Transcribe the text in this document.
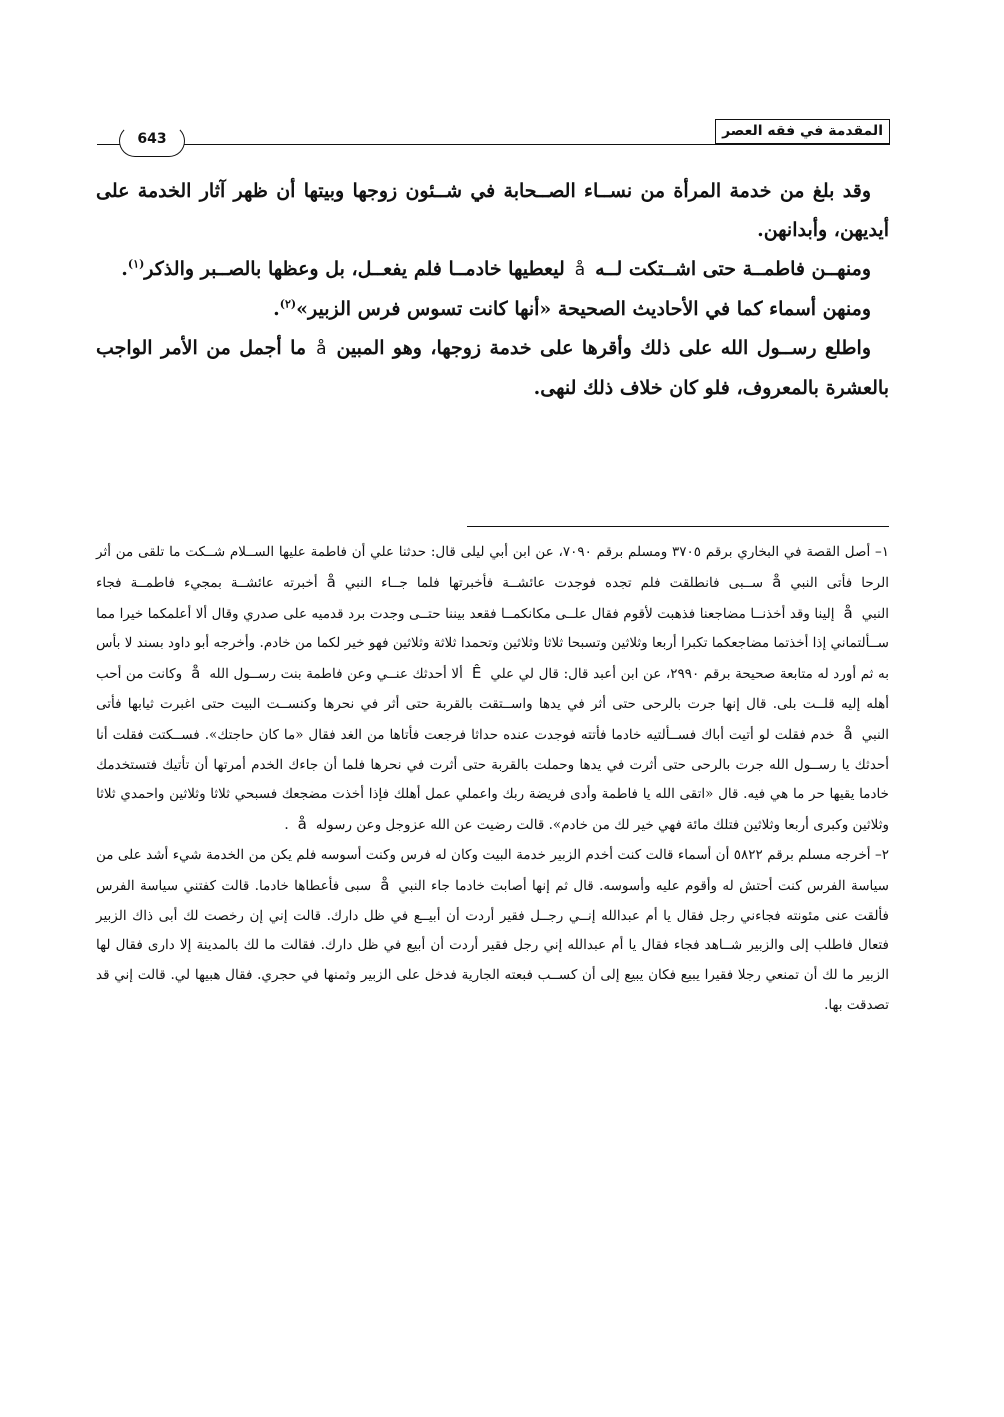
المقدمة في فقه العصر
643

وقد بلغ من خدمة المرأة من نســاء الصــحابة في شــئون زوجها وبيتها أن ظهر آثار الخدمة على أيديهن، وأبدانهن.

ومنهــن فاطمــة حتى اشــتكت لــهåليعطيها خادمــا فلم يفعــل، بل وعظها بالصــبر والذكر$^{(١)}$.

ومنهن أسماء كما في الأحاديث الصحيحة «أنها كانت تسوس فرس الزبير»$^{(٢)}$.

واطلع رســول الله على ذلك وأقرها على خدمة زوجها، وهو المبينåما أجمل من الأمر الواجب بالعشرة بالمعروف، فلو كان خلاف ذلك لنهى.

١– أصل القصة في البخاري برقم ٣٧٠٥ ومسلم برقم ٧٠٩٠، عن ابن أبي ليلى قال: حدثنا علي أن فاطمة عليها الســلام شــكت ما تلقى من أثر الرحا فأتى النبيåســبى فانطلقت فلم تجده فوجدت عائشــة فأخبرتها فلما جــاء النبيåأخبرته عائشــة بمجيء فاطمــة فجاء النبيåإلينا وقد أخذنــا مضاجعنا فذهبت لأقوم فقال علــى مكانكمــا فقعد بيننا حتــى وجدت برد قدميه على صدري وقال ألا أعلمكما خيرا مما ســألتماني إذا أخذتما مضاجعكما تكبرا أربعا وثلاثين وتسبحا ثلاثا وثلاثين وتحمدا ثلاثة وثلاثين فهو خير لكما من خادم. وأخرجه أبو داود بسند لا بأس به ثم أورد له متابعة صحيحة برقم ٢٩٩٠، عن ابن أعبد قال: قال لي عليÊألا أحدثك عنــي وعن فاطمة بنت رســول اللهåوكانت من أحب أهله إليه قلــت بلى. قال إنها جرت بالرحى حتى أثر في يدها واســتقت بالقربة حتى أثر في نحرها وكنســت البيت حتى اغبرت ثيابها فأتى النبيåخدم فقلت لو أتيت أباك فســألتيه خادما فأتته فوجدت عنده حداثا فرجعت فأتاها من الغد فقال «ما كان حاجتك». فســكتت فقلت أنا أحدثك يا رســول الله جرت بالرحى حتى أثرت في يدها وحملت بالقربة حتى أثرت في نحرها فلما أن جاءك الخدم أمرتها أن تأتيك فتستخدمك خادما يقيها حر ما هي فيه. قال «اتقى الله يا فاطمة وأدى فريضة ربك واعملي عمل أهلك فإذا أخذت مضجعك فسبحي ثلاثا وثلاثين واحمدي ثلاثا وثلاثين وكبرى أربعا وثلاثين فتلك مائة فهي خير لك من خادم». قالت رضيت عن الله عزوجل وعن رسولهå.

٢– أخرجه مسلم برقم ٥٨٢٢ أن أسماء قالت كنت أخدم الزبير خدمة البيت وكان له فرس وكنت أسوسه فلم يكن من الخدمة شيء أشد على من سياسة الفرس كنت أحتش له وأقوم عليه وأسوسه. قال ثم إنها أصابت خادما جاء النبيåسبى فأعطاها خادما. قالت كفتني سياسة الفرس فألقت عنى مئونته فجاءني رجل فقال يا أم عبدالله إنــي رجــل فقير أردت أن أبيــع في ظل دارك. قالت إني إن رخصت لك أبى ذاك الزبير فتعال فاطلب إلى والزبير شــاهد فجاء فقال يا أم عبدالله إني رجل فقير أردت أن أبيع في ظل دارك. فقالت ما لك بالمدينة إلا دارى فقال لها الزبير ما لك أن تمنعي رجلا فقيرا يبيع فكان يبيع إلى أن كســب فبعته الجارية فدخل على الزبير وثمنها في حجري. فقال هبيها لي. قالت إني قد تصدقت بها.
